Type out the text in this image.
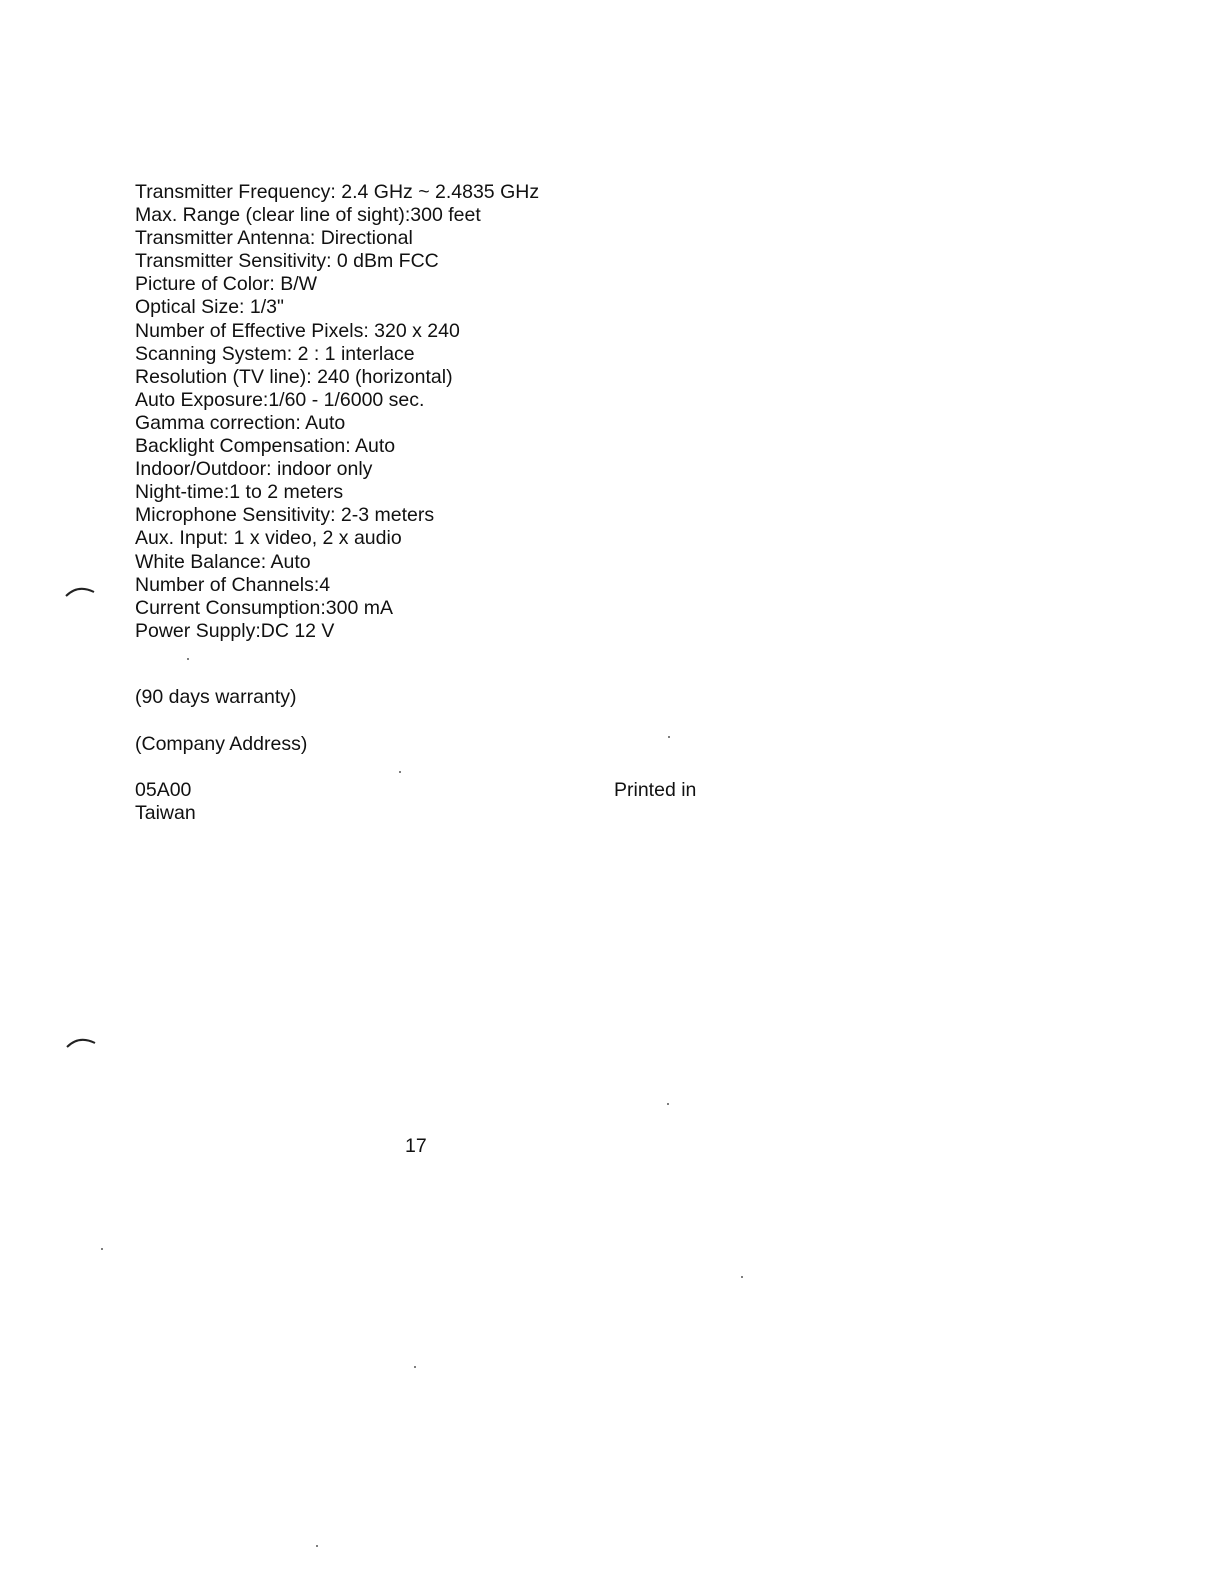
Transmitter Frequency: 2.4 GHz ~ 2.4835 GHz
Max. Range (clear line of sight):300 feet
Transmitter Antenna: Directional
Transmitter Sensitivity: 0 dBm FCC
Picture of Color: B/W
Optical Size: 1/3"
Number of Effective Pixels: 320 x 240
Scanning System: 2 : 1 interlace
Resolution (TV line): 240 (horizontal)
Auto Exposure:1/60 - 1/6000 sec.
Gamma correction: Auto
Backlight Compensation: Auto
Indoor/Outdoor: indoor only
Night-time:1 to 2 meters
Microphone Sensitivity: 2-3 meters
Aux. Input: 1 x video, 2 x audio
White Balance: Auto
Number of Channels:4
Current Consumption:300 mA
Power Supply:DC 12 V

(90 days warranty)

(Company Address)

05A00	Printed in

Taiwan

17
